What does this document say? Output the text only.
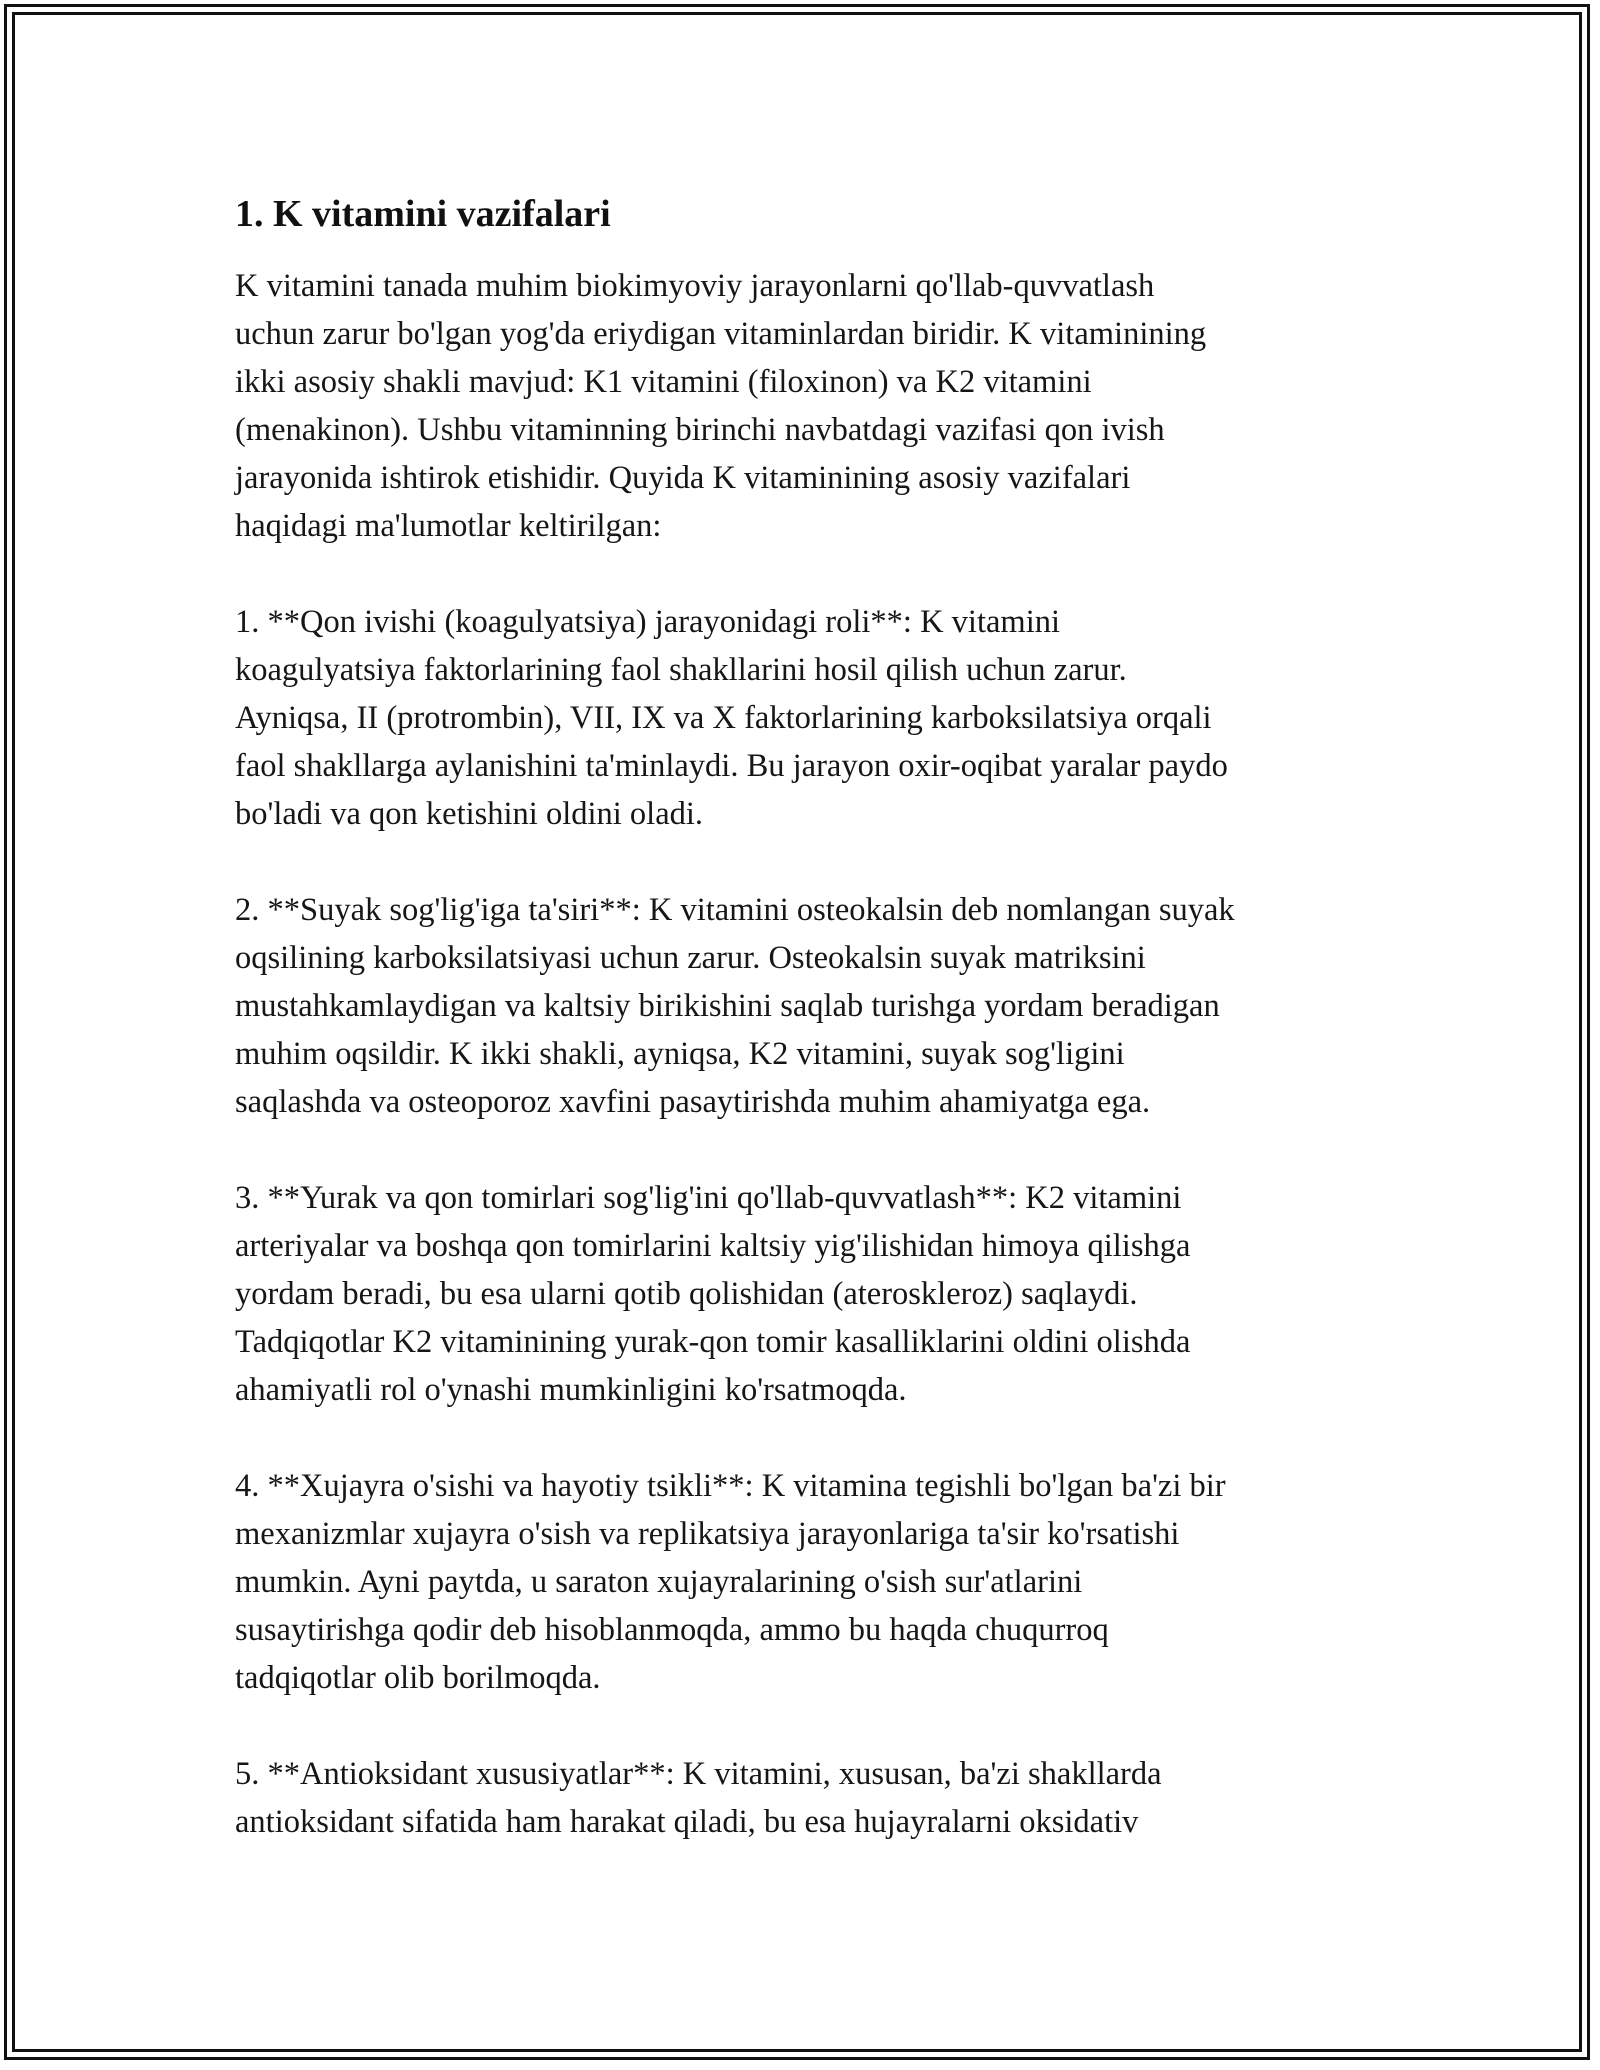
1. K vitamini vazifalari

K vitamini tanada muhim biokimyoviy jarayonlarni qo'llab-quvvatlash
uchun zarur bo'lgan yog'da eriydigan vitaminlardan biridir. K vitaminining
ikki asosiy shakli mavjud: K1 vitamini (filoxinon) va K2 vitamini
(menakinon). Ushbu vitaminning birinchi navbatdagi vazifasi qon ivish
jarayonida ishtirok etishidir. Quyida K vitaminining asosiy vazifalari
haqidagi ma'lumotlar keltirilgan:

1. **Qon ivishi (koagulyatsiya) jarayonidagi roli**: K vitamini
koagulyatsiya faktorlarining faol shakllarini hosil qilish uchun zarur.
Ayniqsa, II (protrombin), VII, IX va X faktorlarining karboksilatsiya orqali
faol shakllarga aylanishini ta'minlaydi. Bu jarayon oxir-oqibat yaralar paydo
bo'ladi va qon ketishini oldini oladi.

2. **Suyak sog'lig'iga ta'siri**: K vitamini osteokalsin deb nomlangan suyak
oqsilining karboksilatsiyasi uchun zarur. Osteokalsin suyak matriksini
mustahkamlaydigan va kaltsiy birikishini saqlab turishga yordam beradigan
muhim oqsildir. K ikki shakli, ayniqsa, K2 vitamini, suyak sog'ligini
saqlashda va osteoporoz xavfini pasaytirishda muhim ahamiyatga ega.

3. **Yurak va qon tomirlari sog'lig'ini qo'llab-quvvatlash**: K2 vitamini
arteriyalar va boshqa qon tomirlarini kaltsiy yig'ilishidan himoya qilishga
yordam beradi, bu esa ularni qotib qolishidan (ateroskleroz) saqlaydi.
Tadqiqotlar K2 vitaminining yurak-qon tomir kasalliklarini oldini olishda
ahamiyatli rol o'ynashi mumkinligini ko'rsatmoqda.

4. **Xujayra o'sishi va hayotiy tsikli**: K vitamina tegishli bo'lgan ba'zi bir
mexanizmlar xujayra o'sish va replikatsiya jarayonlariga ta'sir ko'rsatishi
mumkin. Ayni paytda, u saraton xujayralarining o'sish sur'atlarini
susaytirishga qodir deb hisoblanmoqda, ammo bu haqda chuqurroq
tadqiqotlar olib borilmoqda.

5. **Antioksidant xususiyatlar**: K vitamini, xususan, ba'zi shakllarda
antioksidant sifatida ham harakat qiladi, bu esa hujayralarni oksidativ
